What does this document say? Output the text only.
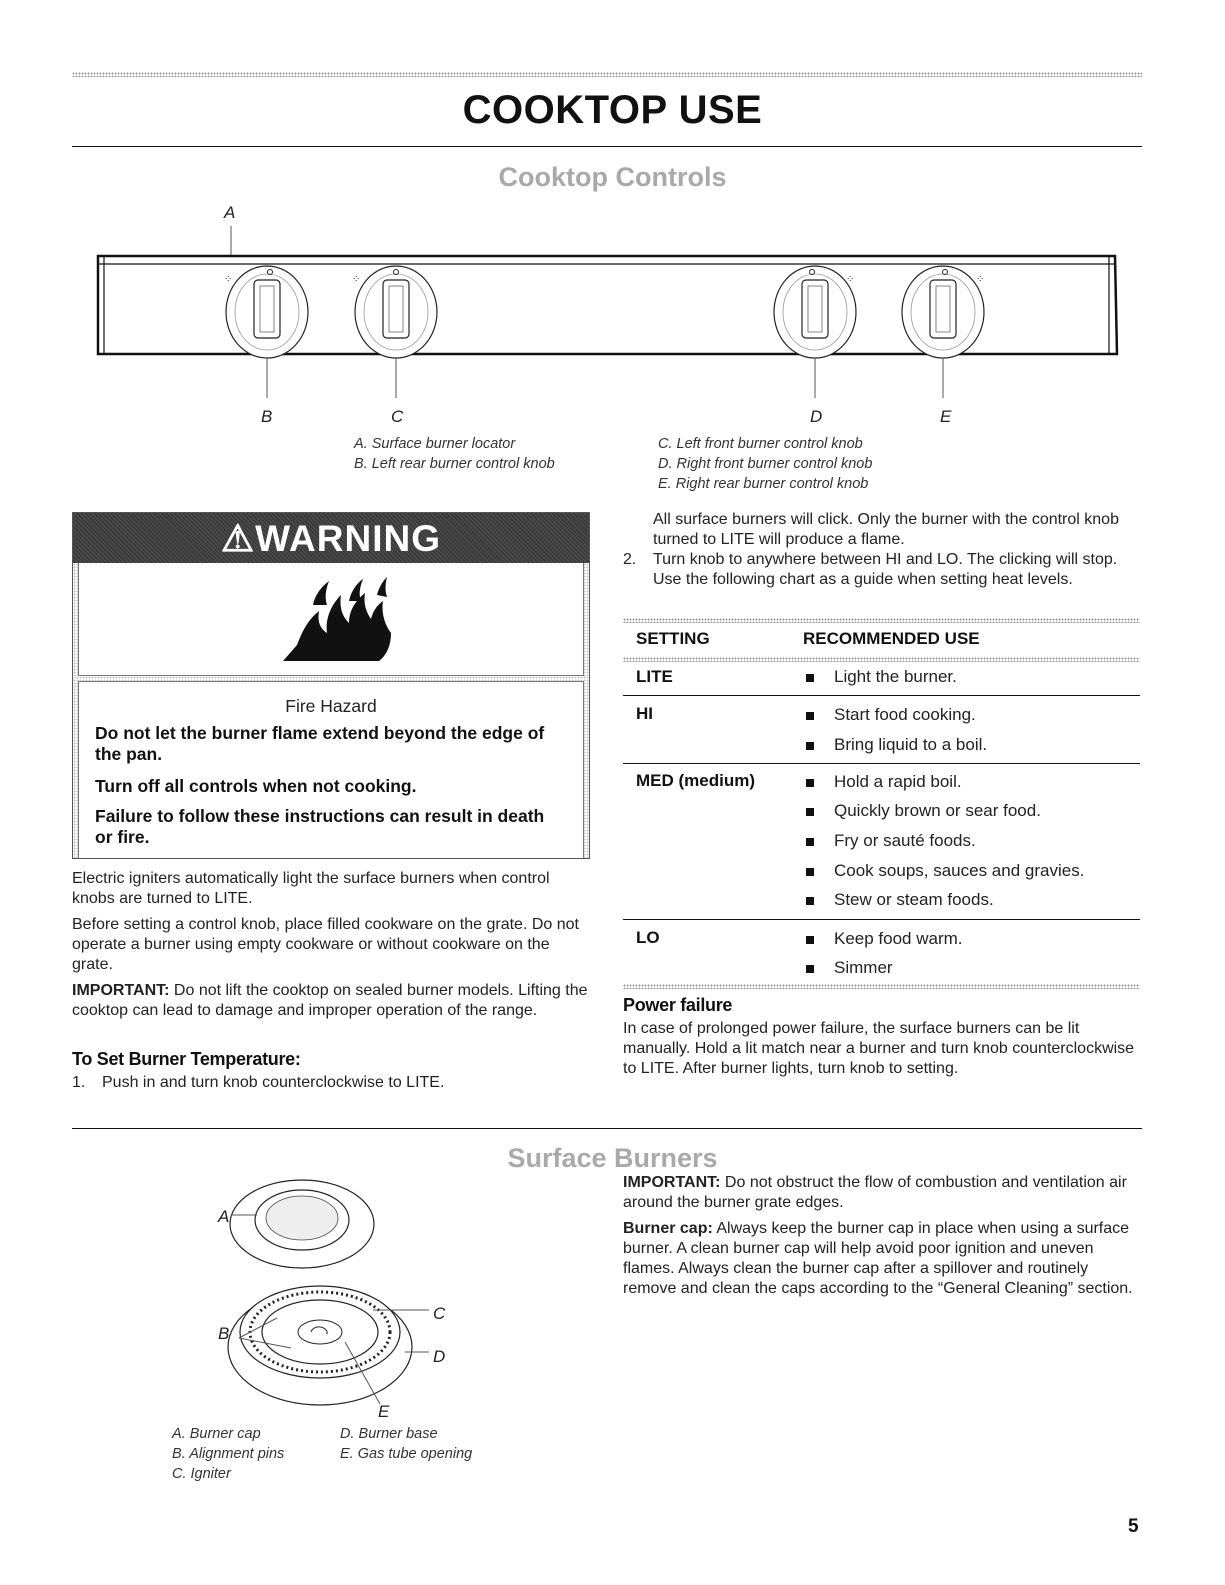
COOKTOP USE
Cooktop Controls
A
⁘	⁘	⁘	⁘
B	C	D	E
A. Surface burner locator
B. Left rear burner control knob
C. Left front burner control knob
D. Right front burner control knob
E. Right rear burner control knob
⚠WARNING
Fire Hazard
Do not let the burner flame extend beyond the edge of the pan.
Turn off all controls when not cooking.
Failure to follow these instructions can result in death or fire.

Electric igniters automatically light the surface burners when control knobs are turned to LITE.

Before setting a control knob, place filled cookware on the grate. Do not operate a burner using empty cookware or without cookware on the grate.

IMPORTANT: Do not lift the cooktop on sealed burner models. Lifting the cooktop can lead to damage and improper operation of the range.

To Set Burner Temperature:
1. Push in and turn knob counterclockwise to LITE.
All surface burners will click. Only the burner with the control knob turned to LITE will produce a flame.
2. Turn knob to anywhere between HI and LO. The clicking will stop. Use the following chart as a guide when setting heat levels.
SETTING	RECOMMENDED USE
LITE	Light the burner.
HI	Start food cooking.
Bring liquid to a boil.
MED (medium)	Hold a rapid boil.
Quickly brown or sear food.
Fry or sauté foods.
Cook soups, sauces and gravies.
Stew or steam foods.
LO	Keep food warm.
Simmer
Power failure
In case of prolonged power failure, the surface burners can be lit manually. Hold a lit match near a burner and turn knob counterclockwise to LITE. After burner lights, turn knob to setting.
Surface Burners
A
B
C
D
E
A. Burner cap
B. Alignment pins
C. Igniter
D. Burner base
E. Gas tube opening

IMPORTANT: Do not obstruct the flow of combustion and ventilation air around the burner grate edges.

Burner cap: Always keep the burner cap in place when using a surface burner. A clean burner cap will help avoid poor ignition and uneven flames. Always clean the burner cap after a spillover and routinely remove and clean the caps according to the “General Cleaning” section.

5
